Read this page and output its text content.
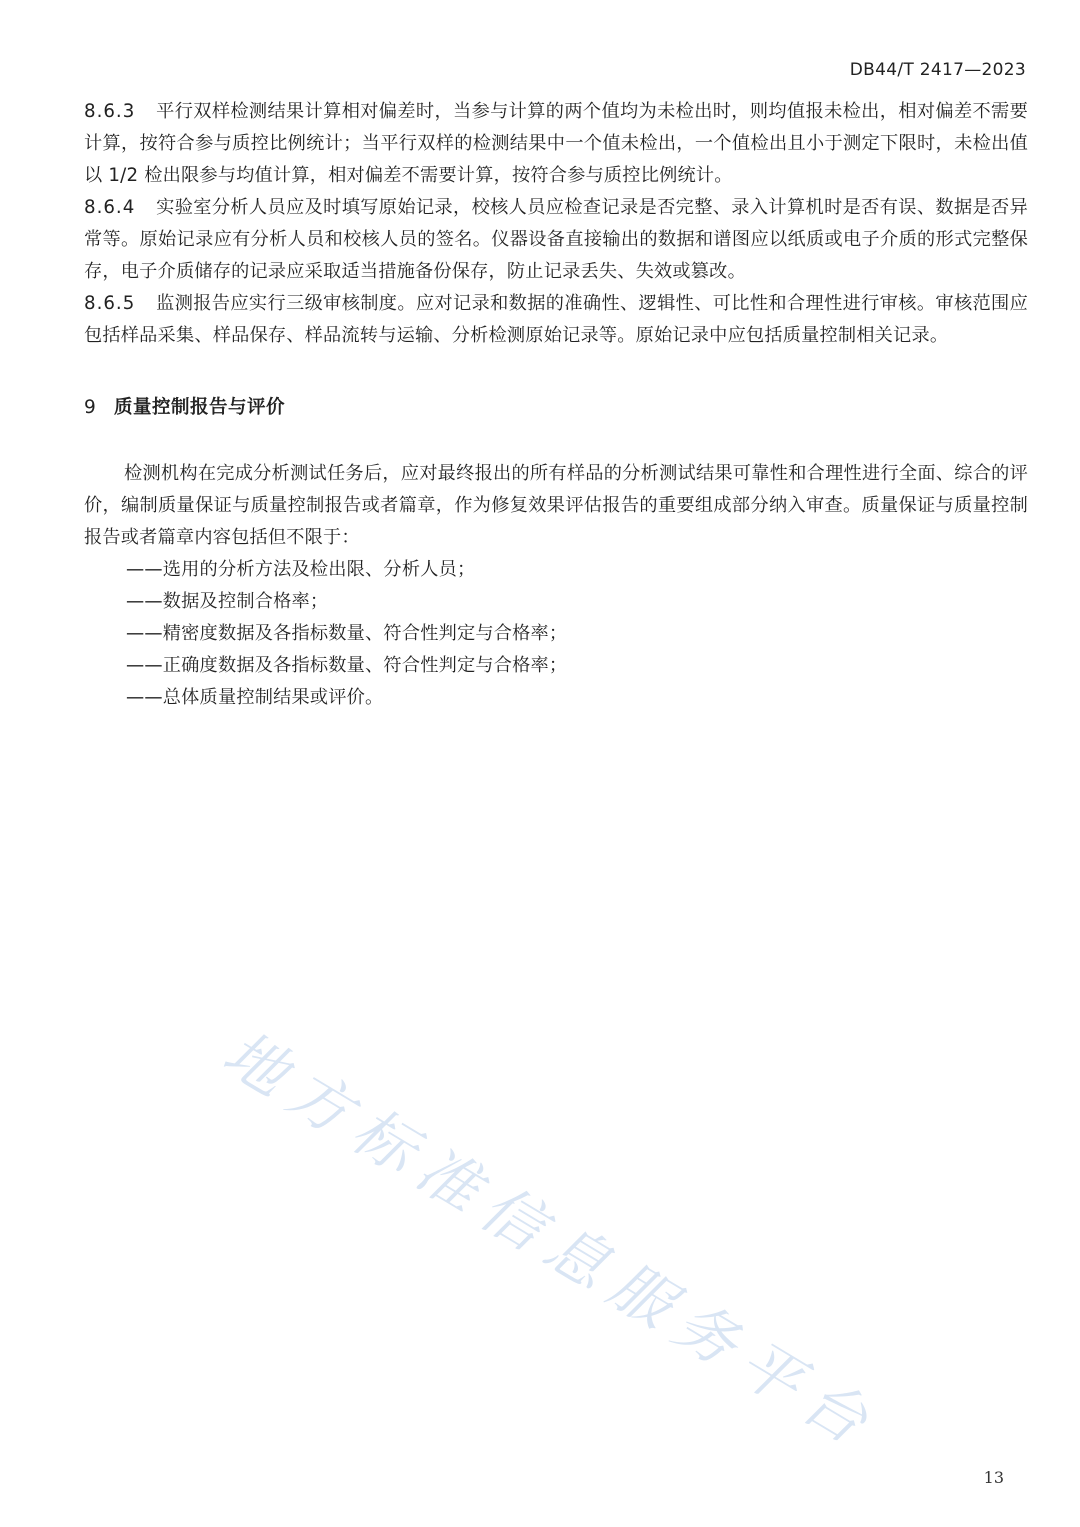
DB44/T 2417—2023

8.6.3 平行双样检测结果计算相对偏差时，当参与计算的两个值均为未检出时，则均值报未检出，相对偏差不需要计算，按符合参与质控比例统计；当平行双样的检测结果中一个值未检出，一个值检出且小于测定下限时，未检出值以 1/2 检出限参与均值计算，相对偏差不需要计算，按符合参与质控比例统计。

8.6.4 实验室分析人员应及时填写原始记录，校核人员应检查记录是否完整、录入计算机时是否有误、数据是否异常等。原始记录应有分析人员和校核人员的签名。仪器设备直接输出的数据和谱图应以纸质或电子介质的形式完整保存，电子介质储存的记录应采取适当措施备份保存，防止记录丢失、失效或篡改。

8.6.5 监测报告应实行三级审核制度。应对记录和数据的准确性、逻辑性、可比性和合理性进行审核。审核范围应包括样品采集、样品保存、样品流转与运输、分析检测原始记录等。原始记录中应包括质量控制相关记录。

9 质量控制报告与评价

检测机构在完成分析测试任务后，应对最终报出的所有样品的分析测试结果可靠性和合理性进行全面、综合的评价，编制质量保证与质量控制报告或者篇章，作为修复效果评估报告的重要组成部分纳入审查。质量保证与质量控制报告或者篇章内容包括但不限于：

——选用的分析方法及检出限、分析人员；

——数据及控制合格率；

——精密度数据及各指标数量、符合性判定与合格率；

——正确度数据及各指标数量、符合性判定与合格率；

——总体质量控制结果或评价。

地方标准信息服务平台
13
